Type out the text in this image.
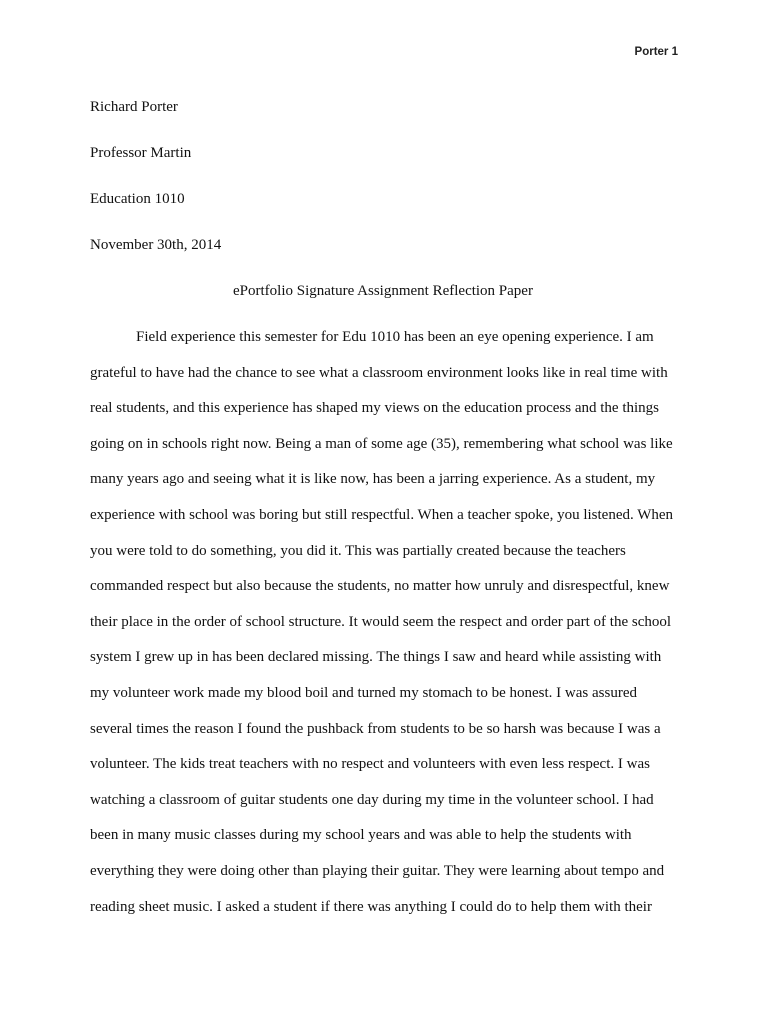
Porter 1
Richard Porter
Professor Martin
Education 1010
November 30th, 2014
ePortfolio Signature Assignment Reflection Paper
Field experience this semester for Edu 1010 has been an eye opening experience. I am
grateful to have had the chance to see what a classroom environment looks like in real time with
real students, and this experience has shaped my views on the education process and the things
going on in schools right now. Being a man of some age (35), remembering what school was like
many years ago and seeing what it is like now, has been a jarring experience. As a student, my
experience with school was boring but still respectful. When a teacher spoke, you listened. When
you were told to do something, you did it. This was partially created because the teachers
commanded respect but also because the students, no matter how unruly and disrespectful, knew
their place in the order of school structure. It would seem the respect and order part of the school
system I grew up in has been declared missing. The things I saw and heard while assisting with
my volunteer work made my blood boil and turned my stomach to be honest. I was assured
several times the reason I found the pushback from students to be so harsh was because I was a
volunteer. The kids treat teachers with no respect and volunteers with even less respect. I was
watching a classroom of guitar students one day during my time in the volunteer school. I had
been in many music classes during my school years and was able to help the students with
everything they were doing other than playing their guitar. They were learning about tempo and
reading sheet music. I asked a student if there was anything I could do to help them with their
